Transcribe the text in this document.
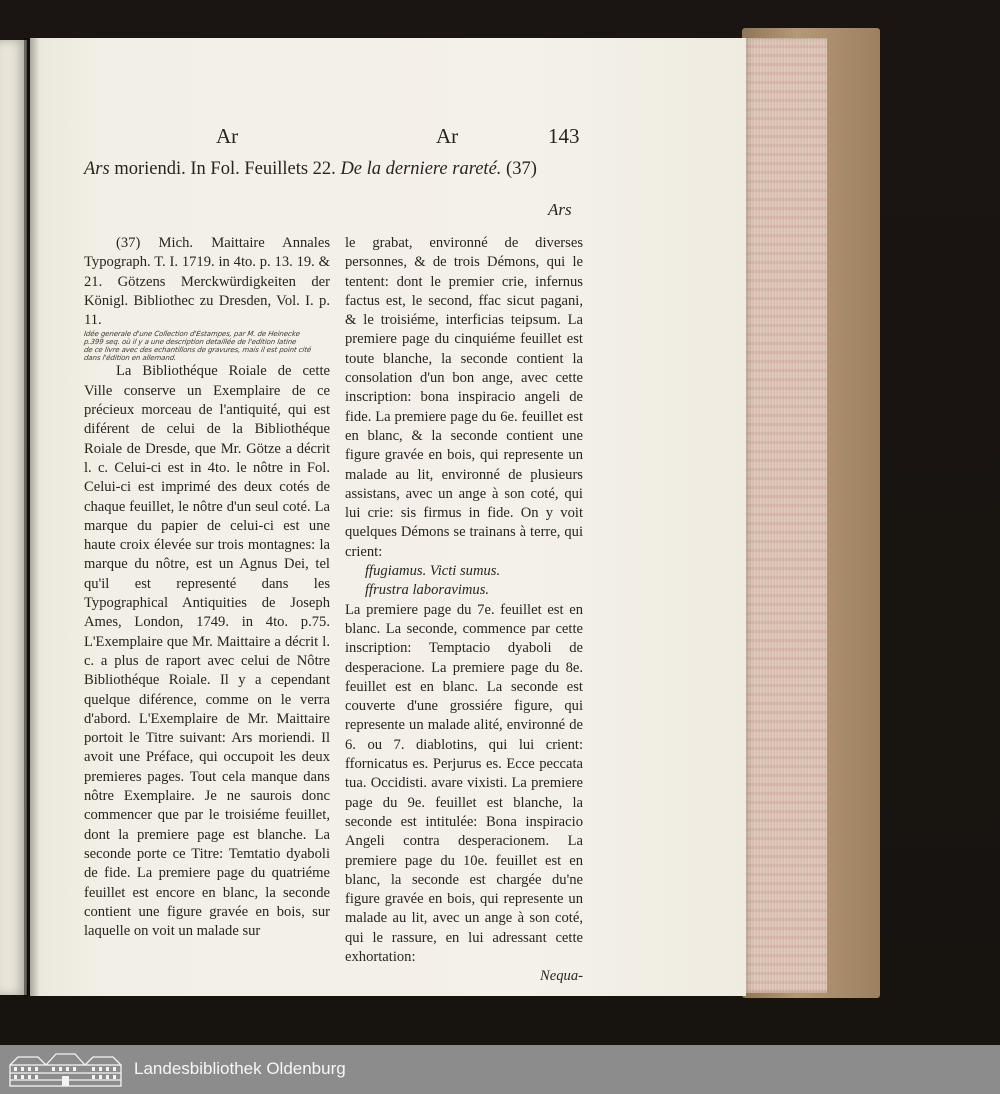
Ar	Ar	143
Ars moriendi. In Fol. Feuillets 22. De la derniere rareté. (37)
Ars

(37) Mich. Maittaire Annales Typograph. T. I. 1719. in 4to. p. 13. 19. & 21. Götzens Merckwürdigkeiten der Königl. Bibliothec zu Dresden, Vol. I. p. 11.

Idée generale d'une Collection d'Estampes, par M. de Heinecke

p.399 seq. où il y a une description detaillée de l'edition latine

de ce livre avec des echantillons de gravures, mais il est point cité

dans l'édition en allemand.

La Bibliothéque Roiale de cette Ville conserve un Exemplaire de ce précieux morceau de l'antiquité, qui est diférent de celui de la Bibliothéque Roiale de Dresde, que Mr. Götze a décrit l. c. Celui-ci est in 4to. le nôtre in Fol. Celui-ci est imprimé des deux cotés de chaque feuillet, le nôtre d'un seul coté. La marque du papier de celui-ci est une haute croix élevée sur trois montagnes: la marque du nôtre, est un Agnus Dei, tel qu'il est representé dans les Typographical Antiquities de Joseph Ames, London, 1749. in 4to. p.75. L'Exemplaire que Mr. Maittaire a décrit l. c. a plus de raport avec celui de Nôtre Bibliothéque Roiale. Il y a cependant quelque diférence, comme on le verra d'abord. L'Exemplaire de Mr. Maittaire portoit le Titre suivant: Ars moriendi. Il avoit une Préface, qui occupoit les deux premieres pages. Tout cela manque dans nôtre Exemplaire. Je ne saurois donc commencer que par le troisiéme feuillet, dont la premiere page est blanche. La seconde porte ce Titre: Temtatio dyaboli de fide. La premiere page du quatriéme feuillet est encore en blanc, la seconde contient une figure gravée en bois, sur laquelle on voit un malade sur

le grabat, environné de diverses personnes, & de trois Démons, qui le tentent: dont le premier crie, infernus factus est, le second, ffac sicut pagani, & le troisiéme, interficias teipsum. La premiere page du cinquiéme feuillet est toute blanche, la seconde contient la consolation d'un bon ange, avec cette inscription: bona inspiracio angeli de fide. La premiere page du 6e. feuillet est en blanc, & la seconde contient une figure gravée en bois, qui represente un malade au lit, environné de plusieurs assistans, avec un ange à son coté, qui lui crie: sis firmus in fide. On y voit quelques Démons se trainans à terre, qui crient:

ffugiamus. Victi sumus.

ffrustra laboravimus.

La premiere page du 7e. feuillet est en blanc. La seconde, commence par cette inscription: Temptacio dyaboli de desperacione. La premiere page du 8e. feuillet est en blanc. La seconde est couverte d'une grossiére figure, qui represente un malade alité, environné de 6. ou 7. diablotins, qui lui crient: ffornicatus es. Perjurus es. Ecce peccata tua. Occidisti. avare vixisti. La premiere page du 9e. feuillet est blanche, la seconde est intitulée: Bona inspiracio Angeli contra desperacionem. La premiere page du 10e. feuillet est en blanc, la seconde est chargée du'ne figure gravée en bois, qui represente un malade au lit, avec un ange à son coté, qui le rassure, en lui adressant cette exhortation:

Nequa-

Landesbibliothek Oldenburg
